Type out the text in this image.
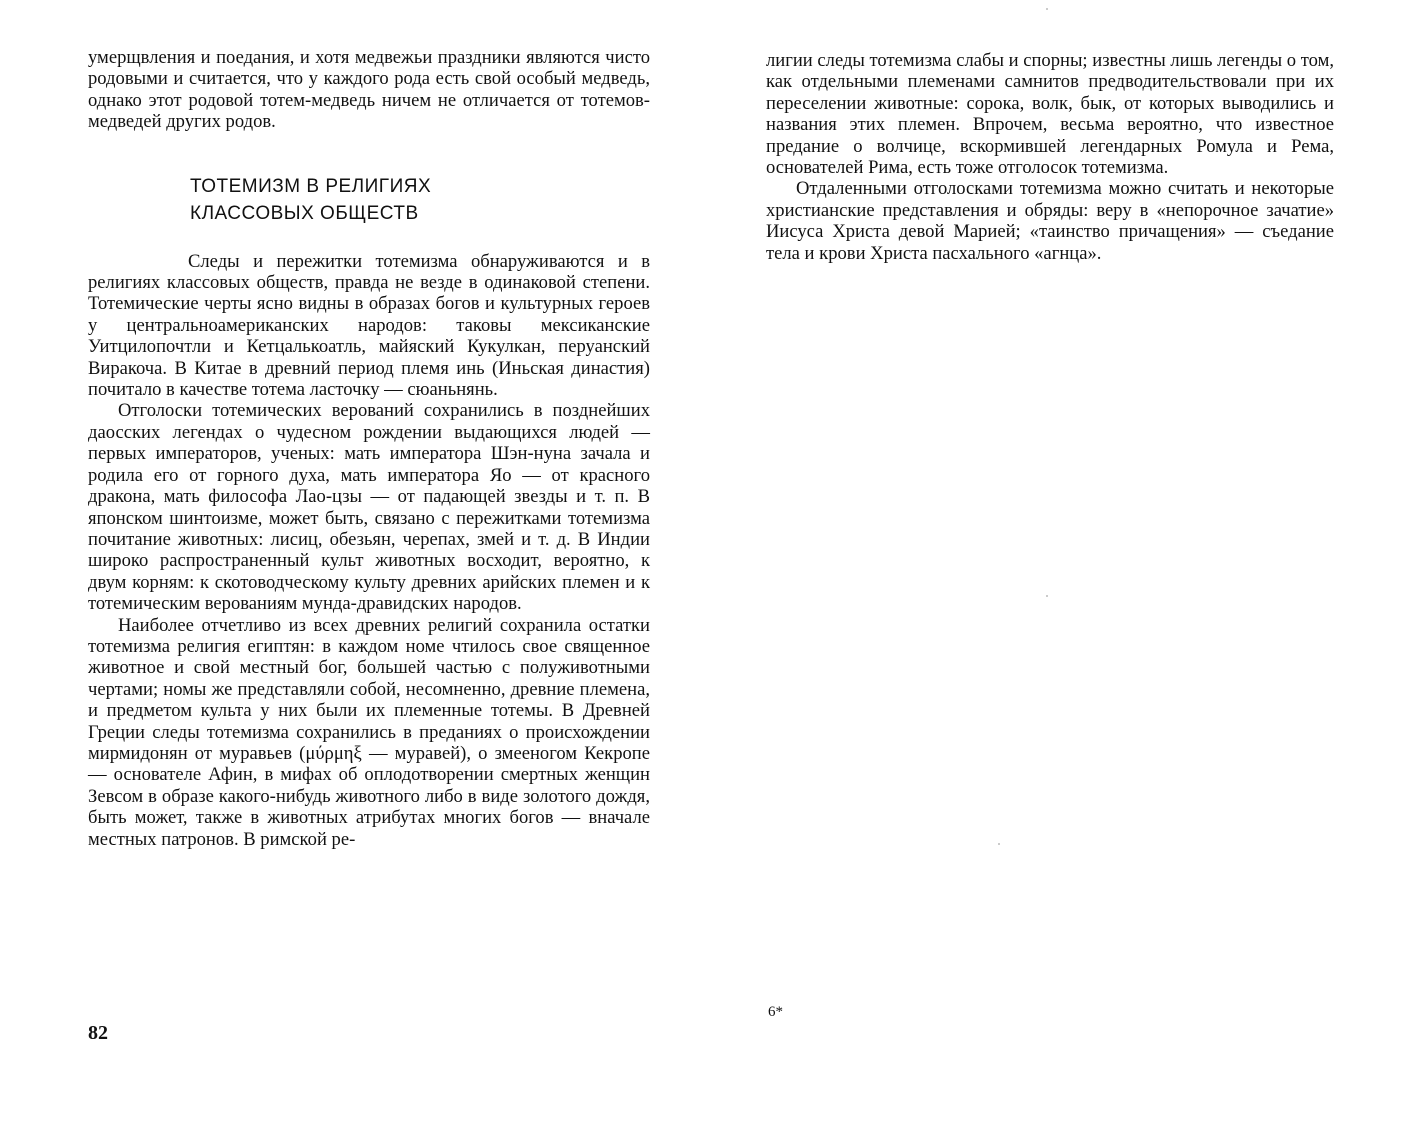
умерщвления и поедания, и хотя медвежьи праздники являются чисто родовыми и считается, что у каждого рода есть свой особый медведь, однако этот родовой тотем-медведь ничем не отличается от тотемов-медведей других родов.

ТОТЕМИЗМ В РЕЛИГИЯХ
КЛАССОВЫХ ОБЩЕСТВ

Следы и пережитки тотемизма обнаруживаются и в религиях классовых обществ, правда не везде в одинаковой степени. Тотемические черты ясно видны в образах богов и культурных героев у центральноамериканских народов: таковы мексиканские Уитцилопочтли и Кетцалькоатль, майяский Кукулкан, перуанский Виракоча. В Китае в древний период племя инь (Иньская династия) почитало в качестве тотема ласточку — сюаньнянь.

Отголоски тотемических верований сохранились в позднейших даосских легендах о чудесном рождении выдающихся людей — первых императоров, ученых: мать императора Шэн-нуна зачала и родила его от горного духа, мать императора Яо — от красного дракона, мать философа Лао-цзы — от падающей звезды и т. п. В японском шинтоизме, может быть, связано с пережитками тотемизма почитание животных: лисиц, обезьян, черепах, змей и т. д. В Индии широко распространенный культ животных восходит, вероятно, к двум корням: к скотоводческому культу древних арийских племен и к тотемическим верованиям мунда-дравидских народов.

Наиболее отчетливо из всех древних религий сохранила остатки тотемизма религия египтян: в каждом номе чтилось свое священное животное и свой местный бог, большей частью с полуживотными чертами; номы же представляли собой, несомненно, древние племена, и предметом культа у них были их племенные тотемы. В Древней Греции следы тотемизма сохранились в преданиях о происхождении мирмидонян от муравьев (μύρμηξ — муравей), о змееногом Кекропе — основателе Афин, в мифах об оплодотворении смертных женщин Зевсом в образе какого-нибудь животного либо в виде золотого дождя, быть может, также в животных атрибутах многих богов — вначале местных патронов. В римской ре-

82

лигии следы тотемизма слабы и спорны; известны лишь легенды о том, как отдельными племенами самнитов предводительствовали при их переселении животные: сорока, волк, бык, от которых выводились и названия этих племен. Впрочем, весьма вероятно, что известное предание о волчице, вскормившей легендарных Ромула и Рема, основателей Рима, есть тоже отголосок тотемизма.

Отдаленными отголосками тотемизма можно считать и некоторые христианские представления и обряды: веру в «непорочное зачатие» Иисуса Христа девой Марией; «таинство причащения» — съедание тела и крови Христа пасхального «агнца».

6*
